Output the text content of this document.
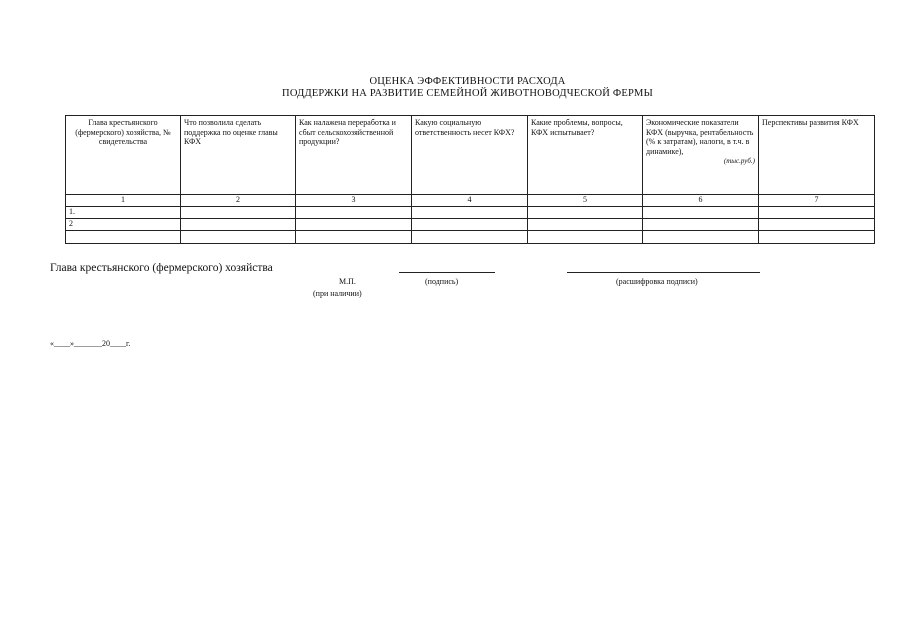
ОЦЕНКА ЭФФЕКТИВНОСТИ РАСХОДА
ПОДДЕРЖКИ НА РАЗВИТИЕ СЕМЕЙНОЙ ЖИВОТНОВОДЧЕСКОЙ ФЕРМЫ
Глава крестьянского (фермерского) хозяйства, № свидетельства	Что позволила сделать поддержка по оценке главы КФХ	Как налажена переработка и сбыт сельскохозяйственной продукции?	Какую социальную ответственность несет КФХ?	Какие проблемы, вопросы, КФХ испытывает?	Экономические показатели КФХ (выручка, рентабельность (% к затратам), налоги, в т.ч. в динамике),
(тыс.руб.)	Перспективы развития КФХ
1	2	3	4	5	6	7
1.						
2						

Глава крестьянского (фермерского) хозяйства
М.П.	(подпись)	(расшифровка подписи)
(при наличии)
«____»_______20____г.
